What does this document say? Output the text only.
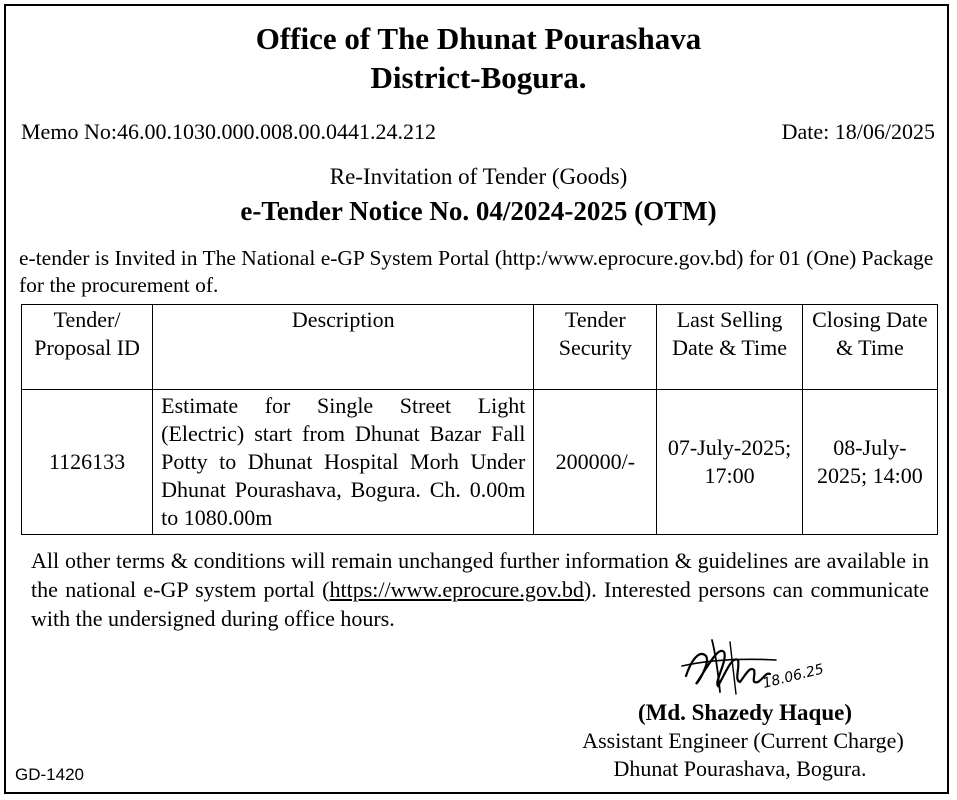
Office of The Dhunat Pourashava
District-Bogura.
Memo No:46.00.1030.000.008.00.0441.24.212	Date: 18/06/2025
Re-Invitation of Tender (Goods)
e-Tender Notice No. 04/2024-2025 (OTM)

e-tender is Invited in The National e-GP System Portal (http:/www.eprocure.gov.bd) for 01 (One) Package for the procurement of.

Tender/ Proposal ID	Description	Tender Security	Last Selling Date & Time	Closing Date & Time
1126133	Estimate for Single Street Light (Electric) start from Dhunat Bazar Fall Potty to Dhunat Hospital Morh Under Dhunat Pourashava, Bogura. Ch. 0.00m to 1080.00m	200000/-	07-July-2025; 17:00	08-July-2025; 14:00

All other terms & conditions will remain unchanged further information & guidelines are available in the national e-GP system portal (https://www.eprocure.gov.bd). Interested persons can communicate with the undersigned during office hours.

18.06.25
(Md. Shazedy Haque)
Assistant Engineer (Current Charge)
Dhunat Pourashava, Bogura.
GD-1420
